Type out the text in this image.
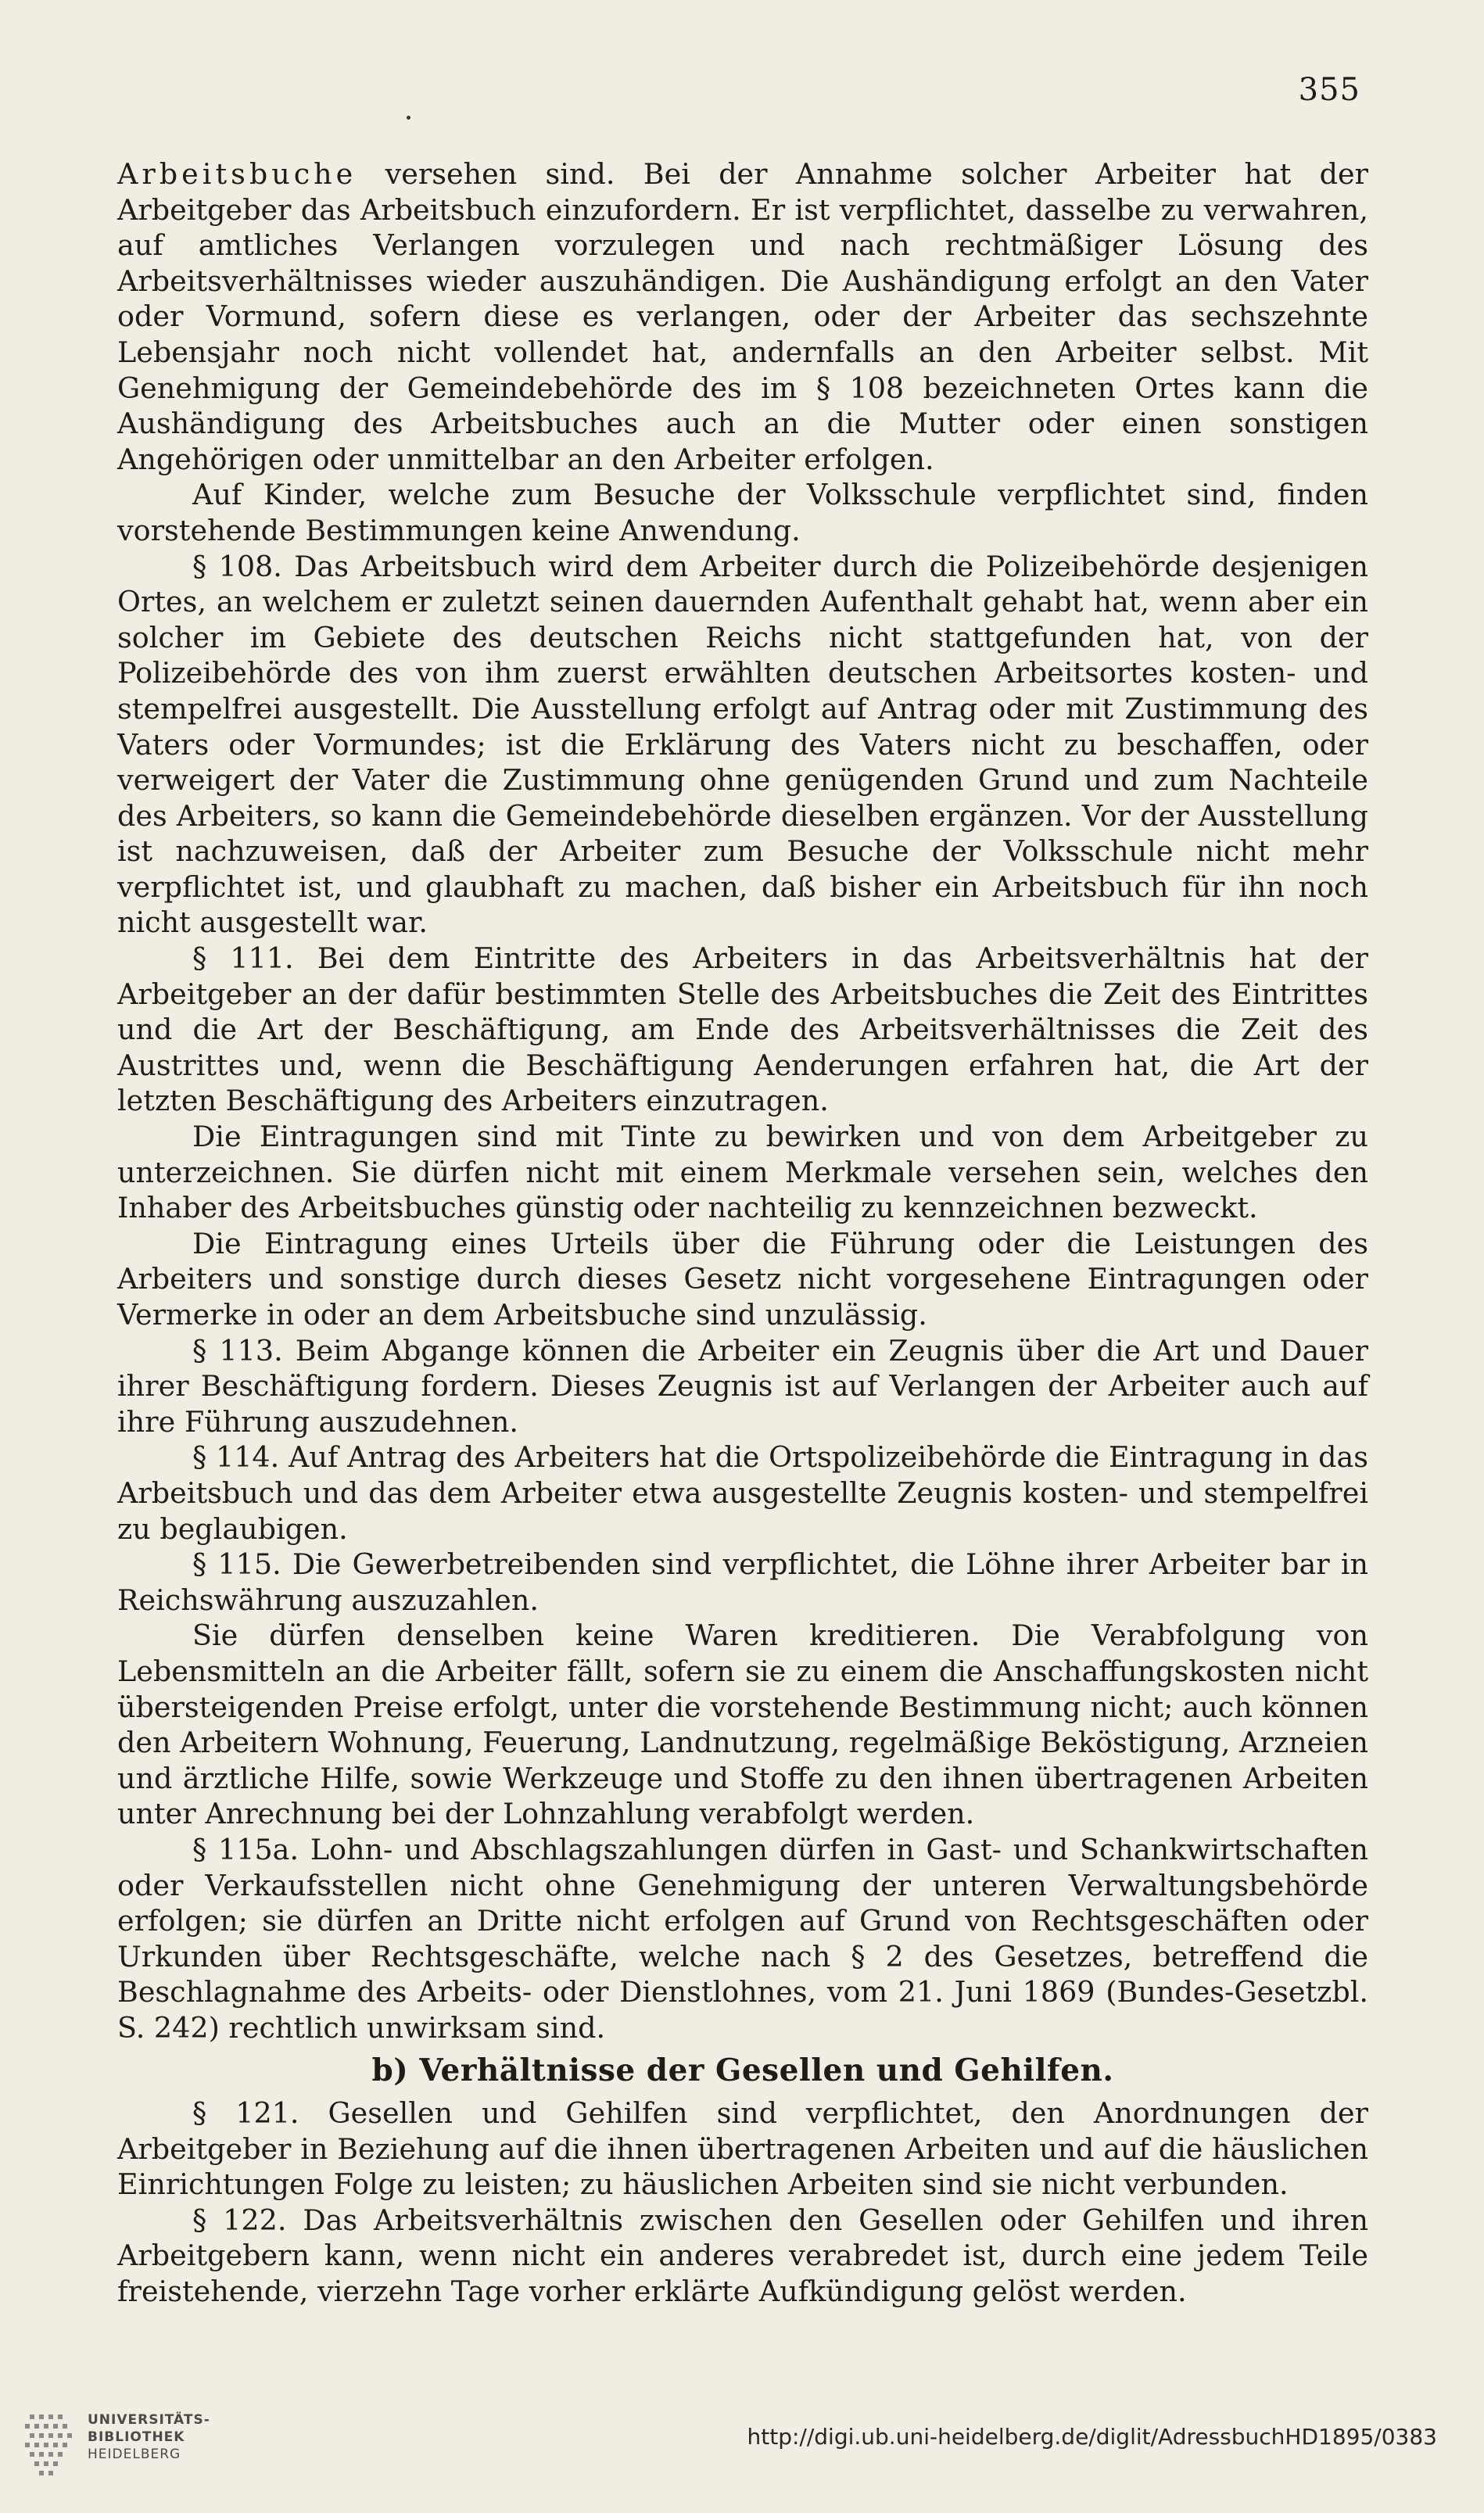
355

Arbeitsbuche versehen sind. Bei der Annahme solcher Arbeiter hat der Arbeitgeber das Arbeitsbuch einzufordern. Er ist verpflichtet, dasselbe zu verwahren, auf amtliches Verlangen vorzulegen und nach rechtmäßiger Lösung des Arbeitsverhältnisses wieder auszuhändigen. Die Aushändigung erfolgt an den Vater oder Vormund, sofern diese es verlangen, oder der Arbeiter das sechszehnte Lebensjahr noch nicht vollendet hat, andernfalls an den Arbeiter selbst. Mit Genehmigung der Gemeindebehörde des im § 108 bezeichneten Ortes kann die Aushändigung des Arbeitsbuches auch an die Mutter oder einen sonstigen Angehörigen oder unmittelbar an den Arbeiter erfolgen.

Auf Kinder, welche zum Besuche der Volksschule verpflichtet sind, finden vorstehende Bestimmungen keine Anwendung.

§ 108. Das Arbeitsbuch wird dem Arbeiter durch die Polizeibehörde desjenigen Ortes, an welchem er zuletzt seinen dauernden Aufenthalt gehabt hat, wenn aber ein solcher im Gebiete des deutschen Reichs nicht stattgefunden hat, von der Polizeibehörde des von ihm zuerst erwählten deutschen Arbeitsortes kosten- und stempelfrei ausgestellt. Die Ausstellung erfolgt auf Antrag oder mit Zustimmung des Vaters oder Vormundes; ist die Erklärung des Vaters nicht zu beschaffen, oder verweigert der Vater die Zustimmung ohne genügenden Grund und zum Nachteile des Arbeiters, so kann die Gemeindebehörde dieselben ergänzen. Vor der Ausstellung ist nachzuweisen, daß der Arbeiter zum Besuche der Volksschule nicht mehr verpflichtet ist, und glaubhaft zu machen, daß bisher ein Arbeitsbuch für ihn noch nicht ausgestellt war.

§ 111. Bei dem Eintritte des Arbeiters in das Arbeitsverhältnis hat der Arbeitgeber an der dafür bestimmten Stelle des Arbeitsbuches die Zeit des Eintrittes und die Art der Beschäftigung, am Ende des Arbeitsverhältnisses die Zeit des Austrittes und, wenn die Beschäftigung Aenderungen erfahren hat, die Art der letzten Beschäftigung des Arbeiters einzutragen.

Die Eintragungen sind mit Tinte zu bewirken und von dem Arbeitgeber zu unterzeichnen. Sie dürfen nicht mit einem Merkmale versehen sein, welches den Inhaber des Arbeitsbuches günstig oder nachteilig zu kennzeichnen bezweckt.

Die Eintragung eines Urteils über die Führung oder die Leistungen des Arbeiters und sonstige durch dieses Gesetz nicht vorgesehene Eintragungen oder Vermerke in oder an dem Arbeitsbuche sind unzulässig.

§ 113. Beim Abgange können die Arbeiter ein Zeugnis über die Art und Dauer ihrer Beschäftigung fordern. Dieses Zeugnis ist auf Verlangen der Arbeiter auch auf ihre Führung auszudehnen.

§ 114. Auf Antrag des Arbeiters hat die Ortspolizeibehörde die Eintragung in das Arbeitsbuch und das dem Arbeiter etwa ausgestellte Zeugnis kosten- und stempelfrei zu beglaubigen.

§ 115. Die Gewerbetreibenden sind verpflichtet, die Löhne ihrer Arbeiter bar in Reichswährung auszuzahlen.

Sie dürfen denselben keine Waren kreditieren. Die Verabfolgung von Lebensmitteln an die Arbeiter fällt, sofern sie zu einem die Anschaffungskosten nicht übersteigenden Preise erfolgt, unter die vorstehende Bestimmung nicht; auch können den Arbeitern Wohnung, Feuerung, Landnutzung, regelmäßige Beköstigung, Arzneien und ärztliche Hilfe, sowie Werkzeuge und Stoffe zu den ihnen übertragenen Arbeiten unter Anrechnung bei der Lohnzahlung verabfolgt werden.

§ 115a. Lohn- und Abschlagszahlungen dürfen in Gast- und Schankwirtschaften oder Verkaufsstellen nicht ohne Genehmigung der unteren Verwaltungsbehörde erfolgen; sie dürfen an Dritte nicht erfolgen auf Grund von Rechtsgeschäften oder Urkunden über Rechtsgeschäfte, welche nach § 2 des Gesetzes, betreffend die Beschlagnahme des Arbeits- oder Dienstlohnes, vom 21. Juni 1869 (Bundes-Gesetzbl. S. 242) rechtlich unwirksam sind.

b) Verhältnisse der Gesellen und Gehilfen.

§ 121. Gesellen und Gehilfen sind verpflichtet, den Anordnungen der Arbeitgeber in Beziehung auf die ihnen übertragenen Arbeiten und auf die häuslichen Einrichtungen Folge zu leisten; zu häuslichen Arbeiten sind sie nicht verbunden.

§ 122. Das Arbeitsverhältnis zwischen den Gesellen oder Gehilfen und ihren Arbeitgebern kann, wenn nicht ein anderes verabredet ist, durch eine jedem Teile freistehende, vierzehn Tage vorher erklärte Aufkündigung gelöst werden.

UNIVERSITÄTS-
BIBLIOTHEK
HEIDELBERG
http://digi.ub.uni-heidelberg.de/diglit/AdressbuchHD1895/0383
